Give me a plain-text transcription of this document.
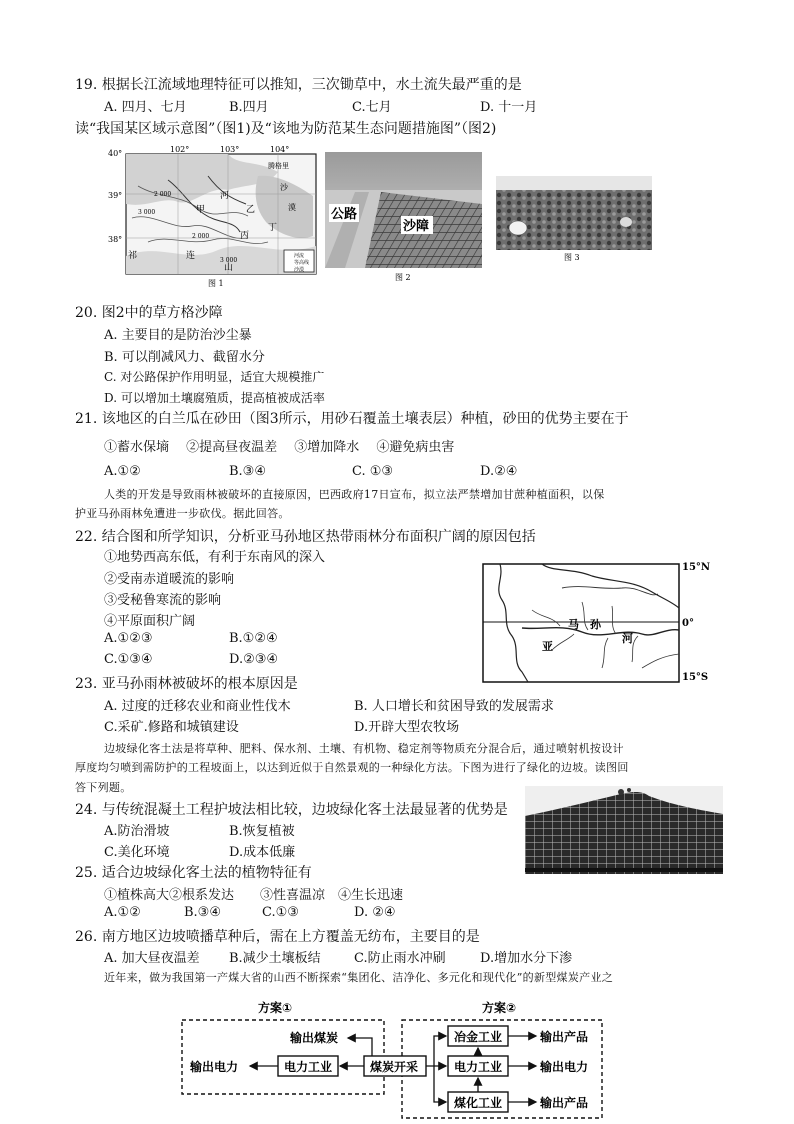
19. 根据长江流域地理特征可以推知，三次锄草中，水土流失最严重的是
A. 四月、七月	B.四月	C.七月	D. 十一月
读“我国某区域示意图”（图1)及“该地为防范某生态问题措施图”（图2)
40°
39°
38°
102°	103°	104°
2 000
3 000
2 000
3 000
腾格里
沙
漠
甲
河
乙
丙
丁
祁	连
山
河流
等高线
沙漠
图 1
公路
沙障
图 2
图 3
20. 图2中的草方格沙障
A. 主要目的是防治沙尘暴
B. 可以削减风力、截留水分
C. 对公路保护作用明显，适宜大规模推广
D. 可以增加土壤腐殖质，提高植被成活率
21. 该地区的白兰瓜在砂田（图3所示，用砂石覆盖土壤表层）种植，砂田的优势主要在于
①蓄水保墒　 ②提高昼夜温差 　③增加降水　 ④避免病虫害
A.①②	B.③④	C. ①③	D.②④
人类的开发是导致雨林被破坏的直接原因，巴西政府17日宣布，拟立法严禁增加甘蔗种植面积，以保
护亚马孙雨林免遭进一步砍伐。据此回答。
22. 结合图和所学知识，分析亚马孙地区热带雨林分布面积广阔的原因包括
①地势西高东低，有利于东南风的深入
②受南赤道暖流的影响
③受秘鲁寒流的影响
④平原面积广阔
A.①②③	B.①②④
C.①③④	D.②③④
15°N
0°
15°S
马 孙
亚
河
23. 亚马孙雨林被破坏的根本原因是
A. 过度的迁移农业和商业性伐木	B. 人口增长和贫困导致的发展需求
C.采矿.修路和城镇建设	D.开辟大型农牧场
边坡绿化客土法是将草种、肥料、保水剂、土壤、有机物、稳定剂等物质充分混合后，通过喷射机按设计
厚度均匀喷到需防护的工程坡面上，以达到近似于自然景观的一种绿化方法。下图为进行了绿化的边坡。读图回
答下列题。
24. 与传统混凝土工程护坡法相比较，边坡绿化客土法最显著的优势是
A.防治滑坡	B.恢复植被
C.美化环境	D.成本低廉
25. 适合边坡绿化客土法的植物特征有
①植株高大②根系发达　　③性喜温凉　④生长迅速
A.①②	B.③④	C.①③	D. ②④
26. 南方地区边坡喷播草种后，需在上方覆盖无纺布，主要目的是
A. 加大昼夜温差 B.减少土壤板结	C.防止雨水冲刷	D.增加水分下渗
近年来，做为我国第一产煤大省的山西不断探索“集团化、洁净化、多元化和现代化”的新型煤炭产业之
方案①	方案②
输出煤炭
电力工业
输出电力	煤炭开采
冶金工业
电力工业
煤化工业
输出产品
输出电力
输出产品
